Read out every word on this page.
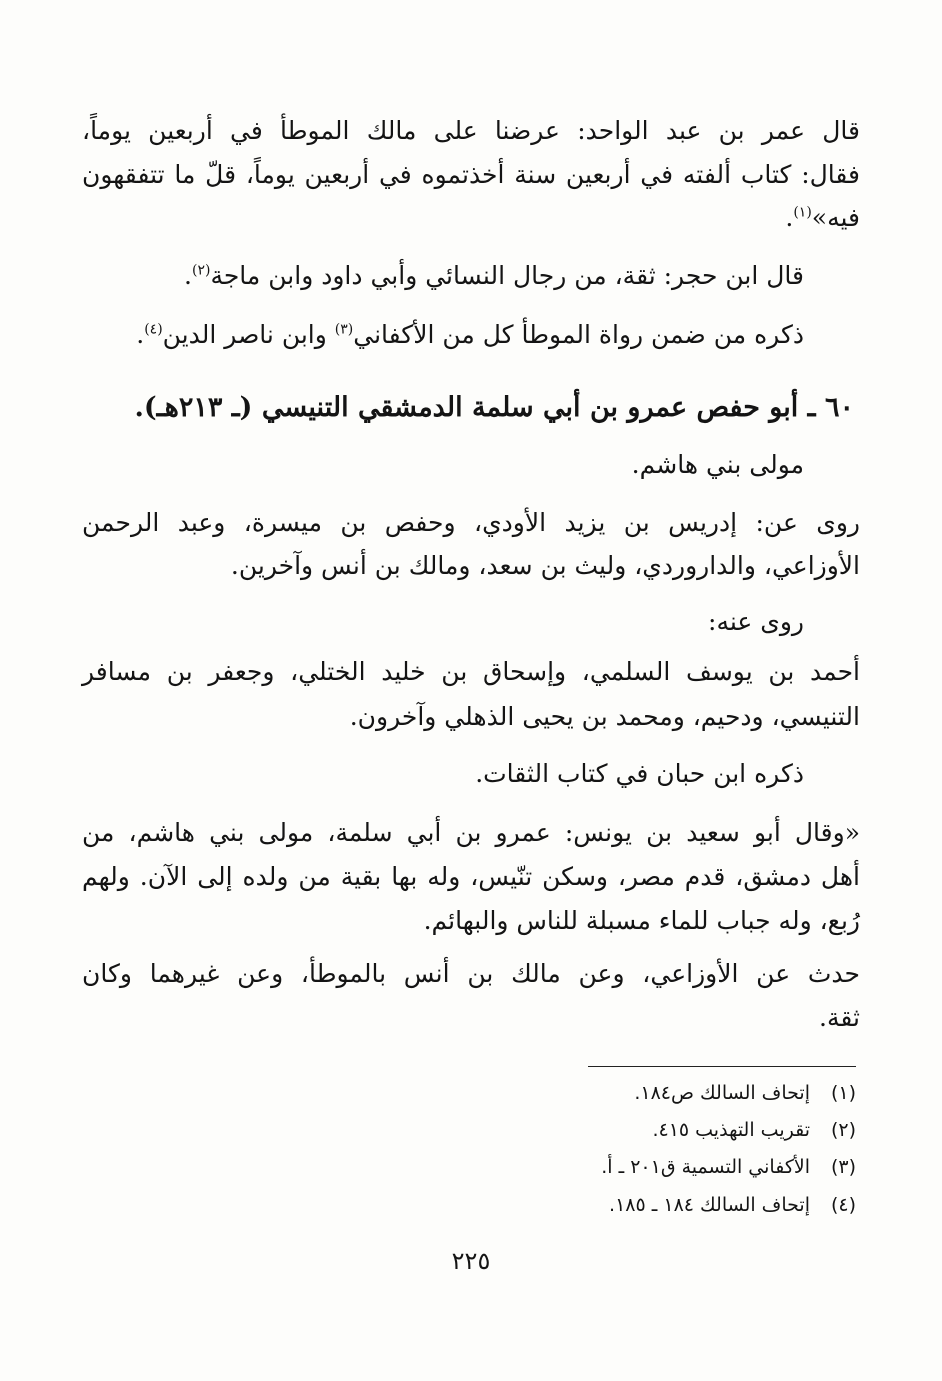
قال عمر بن عبد الواحد: عرضنا على مالك الموطأ في أربعين يوماً،
فقال: كتاب ألفته في أربعين سنة أخذتموه في أربعين يوماً، قلّ ما تتفقهون
فيه»$^{(١)}$.
قال ابن حجر: ثقة، من رجال النسائي وأبي داود وابن ماجة$^{(٢)}$.
ذكره من ضمن رواة الموطأ كل من الأكفاني$^{(٣)}$ وابن ناصر الدين$^{(٤)}$.
٦٠ ـ أبو حفص عمرو بن أبي سلمة الدمشقي التنيسي (ـ ٢١٣هـ).
مولى بني هاشم.
روى عن: إدريس بن يزيد الأودي، وحفص بن ميسرة، وعبد الرحمن
الأوزاعي، والداروردي، وليث بن سعد، ومالك بن أنس وآخرين.
روى عنه:
أحمد بن يوسف السلمي، وإسحاق بن خليد الختلي، وجعفر بن مسافر
التنيسي، ودحيم، ومحمد بن يحيى الذهلي وآخرون.
ذكره ابن حبان في كتاب الثقات.
«وقال أبو سعيد بن يونس: عمرو بن أبي سلمة، مولى بني هاشم، من
أهل دمشق، قدم مصر، وسكن تنّيس، وله بها بقية من ولده إلى الآن. ولهم
رُبع، وله جباب للماء مسبلة للناس والبهائم.
حدث عن الأوزاعي، وعن مالك بن أنس بالموطأ، وعن غيرهما وكان
ثقة.
(١)إتحاف السالك ص١٨٤.
(٢)تقريب التهذيب ٤١٥.
(٣)الأكفاني التسمية ق٢٠١ ـ أ.
(٤)إتحاف السالك ١٨٤ ـ ١٨٥.
٢٢٥
